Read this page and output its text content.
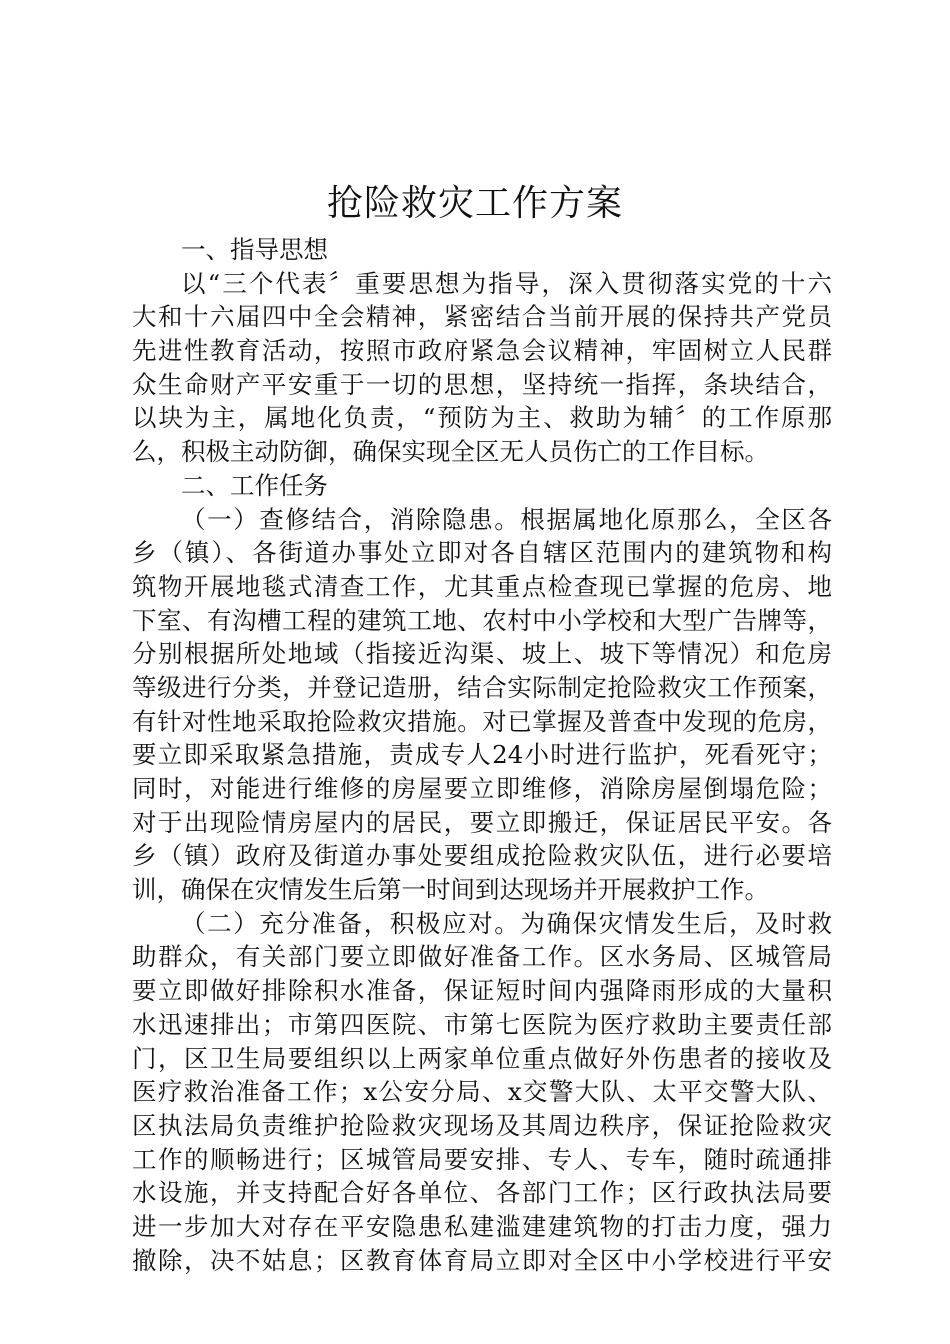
抢险救灾工作方案
一、指导思想
以“三个代表〞重要思想为指导，深入贯彻落实党的十六
大和十六届四中全会精神，紧密结合当前开展的保持共产党员
先进性教育活动，按照市政府紧急会议精神，牢固树立人民群
众生命财产平安重于一切的思想，坚持统一指挥，条块结合，
以块为主，属地化负责，“预防为主、救助为辅〞的工作原那
么，积极主动防御，确保实现全区无人员伤亡的工作目标。
二、工作任务
（一）查修结合，消除隐患。根据属地化原那么，全区各
乡（镇）、各街道办事处立即对各自辖区范围内的建筑物和构
筑物开展地毯式清查工作，尤其重点检查现已掌握的危房、地
下室、有沟槽工程的建筑工地、农村中小学校和大型广告牌等，
分别根据所处地域（指接近沟渠、坡上、坡下等情况）和危房
等级进行分类，并登记造册，结合实际制定抢险救灾工作预案，
有针对性地采取抢险救灾措施。对已掌握及普查中发现的危房，
要立即采取紧急措施，责成专人24小时进行监护，死看死守；
同时，对能进行维修的房屋要立即维修，消除房屋倒塌危险；
对于出现险情房屋内的居民，要立即搬迁，保证居民平安。各
乡（镇）政府及街道办事处要组成抢险救灾队伍，进行必要培
训，确保在灾情发生后第一时间到达现场并开展救护工作。
（二）充分准备，积极应对。为确保灾情发生后，及时救
助群众，有关部门要立即做好准备工作。区水务局、区城管局
要立即做好排除积水准备，保证短时间内强降雨形成的大量积
水迅速排出；市第四医院、市第七医院为医疗救助主要责任部
门，区卫生局要组织以上两家单位重点做好外伤患者的接收及
医疗救治准备工作；x公安分局、x交警大队、太平交警大队、
区执法局负责维护抢险救灾现场及其周边秩序，保证抢险救灾
工作的顺畅进行；区城管局要安排、专人、专车，随时疏通排
水设施，并支持配合好各单位、各部门工作；区行政执法局要
进一步加大对存在平安隐患私建滥建建筑物的打击力度，强力
撤除，决不姑息；区教育体育局立即对全区中小学校进行平安
